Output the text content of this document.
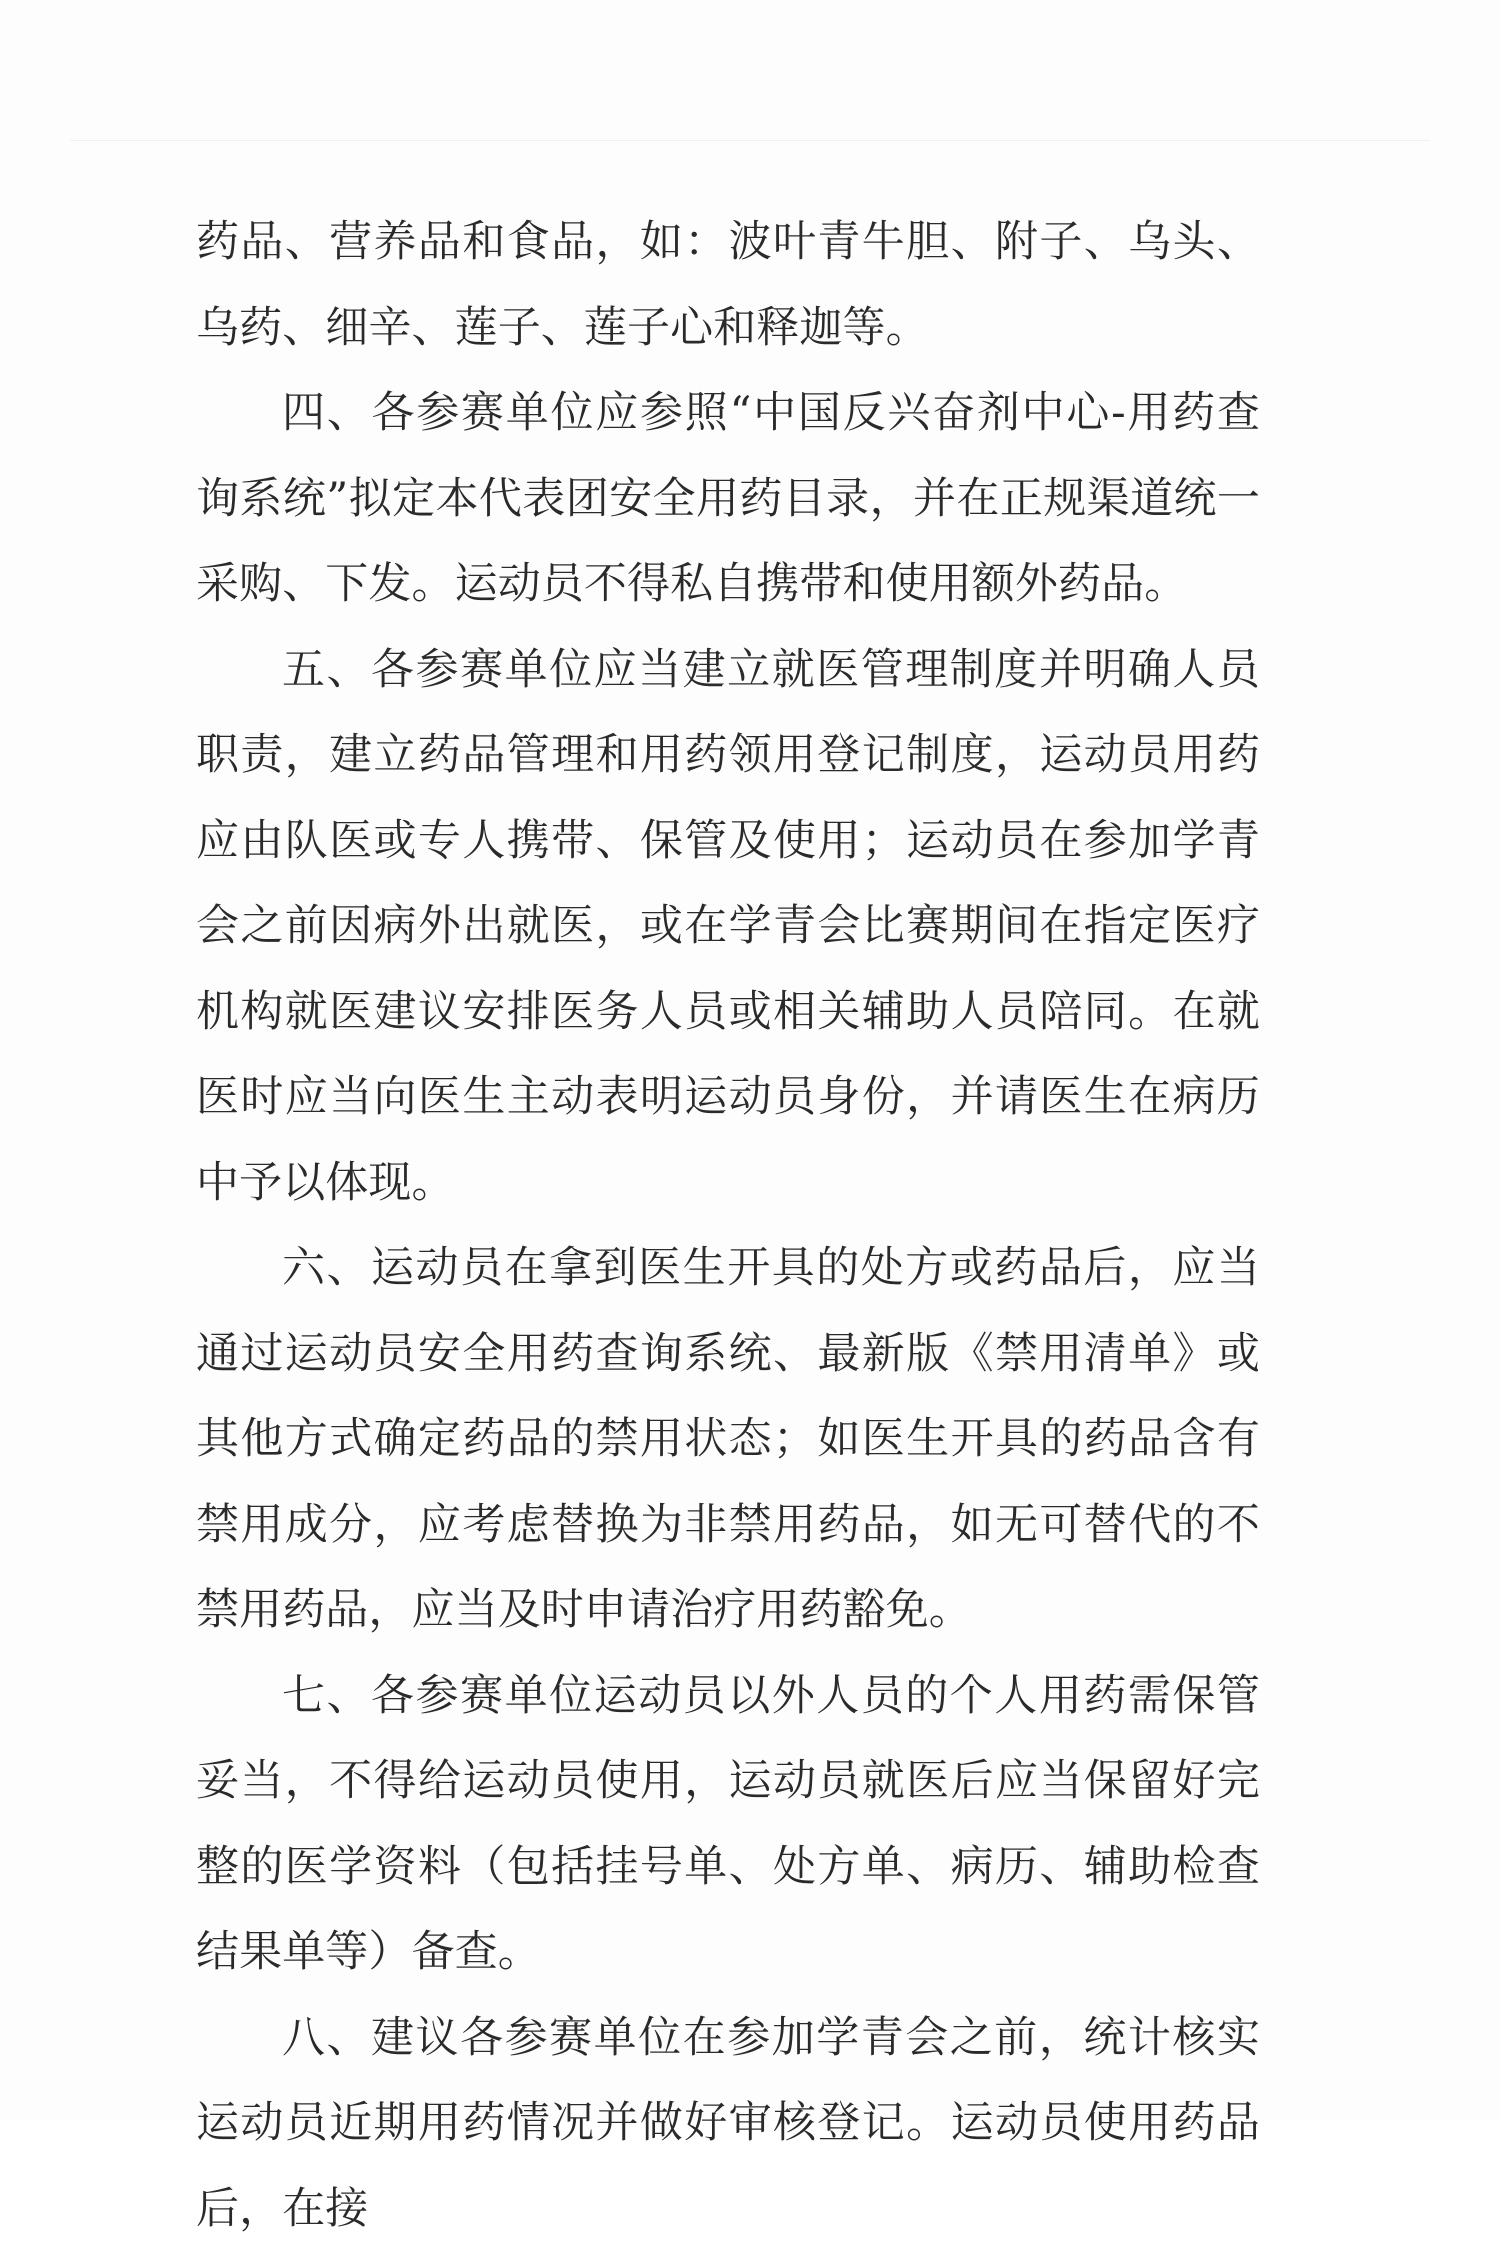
药品、营养品和食品，如：波叶青牛胆、附子、乌头、乌药、细辛、莲子、莲子心和释迦等。

四、各参赛单位应参照“中国反兴奋剂中心-用药查询系统”拟定本代表团安全用药目录，并在正规渠道统一采购、下发。运动员不得私自携带和使用额外药品。

五、各参赛单位应当建立就医管理制度并明确人员职责，建立药品管理和用药领用登记制度，运动员用药应由队医或专人携带、保管及使用；运动员在参加学青会之前因病外出就医，或在学青会比赛期间在指定医疗机构就医建议安排医务人员或相关辅助人员陪同。在就医时应当向医生主动表明运动员身份，并请医生在病历中予以体现。

六、运动员在拿到医生开具的处方或药品后，应当通过运动员安全用药查询系统、最新版《禁用清单》或其他方式确定药品的禁用状态；如医生开具的药品含有禁用成分，应考虑替换为非禁用药品，如无可替代的不禁用药品，应当及时申请治疗用药豁免。

七、各参赛单位运动员以外人员的个人用药需保管妥当，不得给运动员使用，运动员就医后应当保留好完整的医学资料（包括挂号单、处方单、病历、辅助检查结果单等）备查。

八、建议各参赛单位在参加学青会之前，统计核实运动员近期用药情况并做好审核登记。运动员使用药品后，在接
